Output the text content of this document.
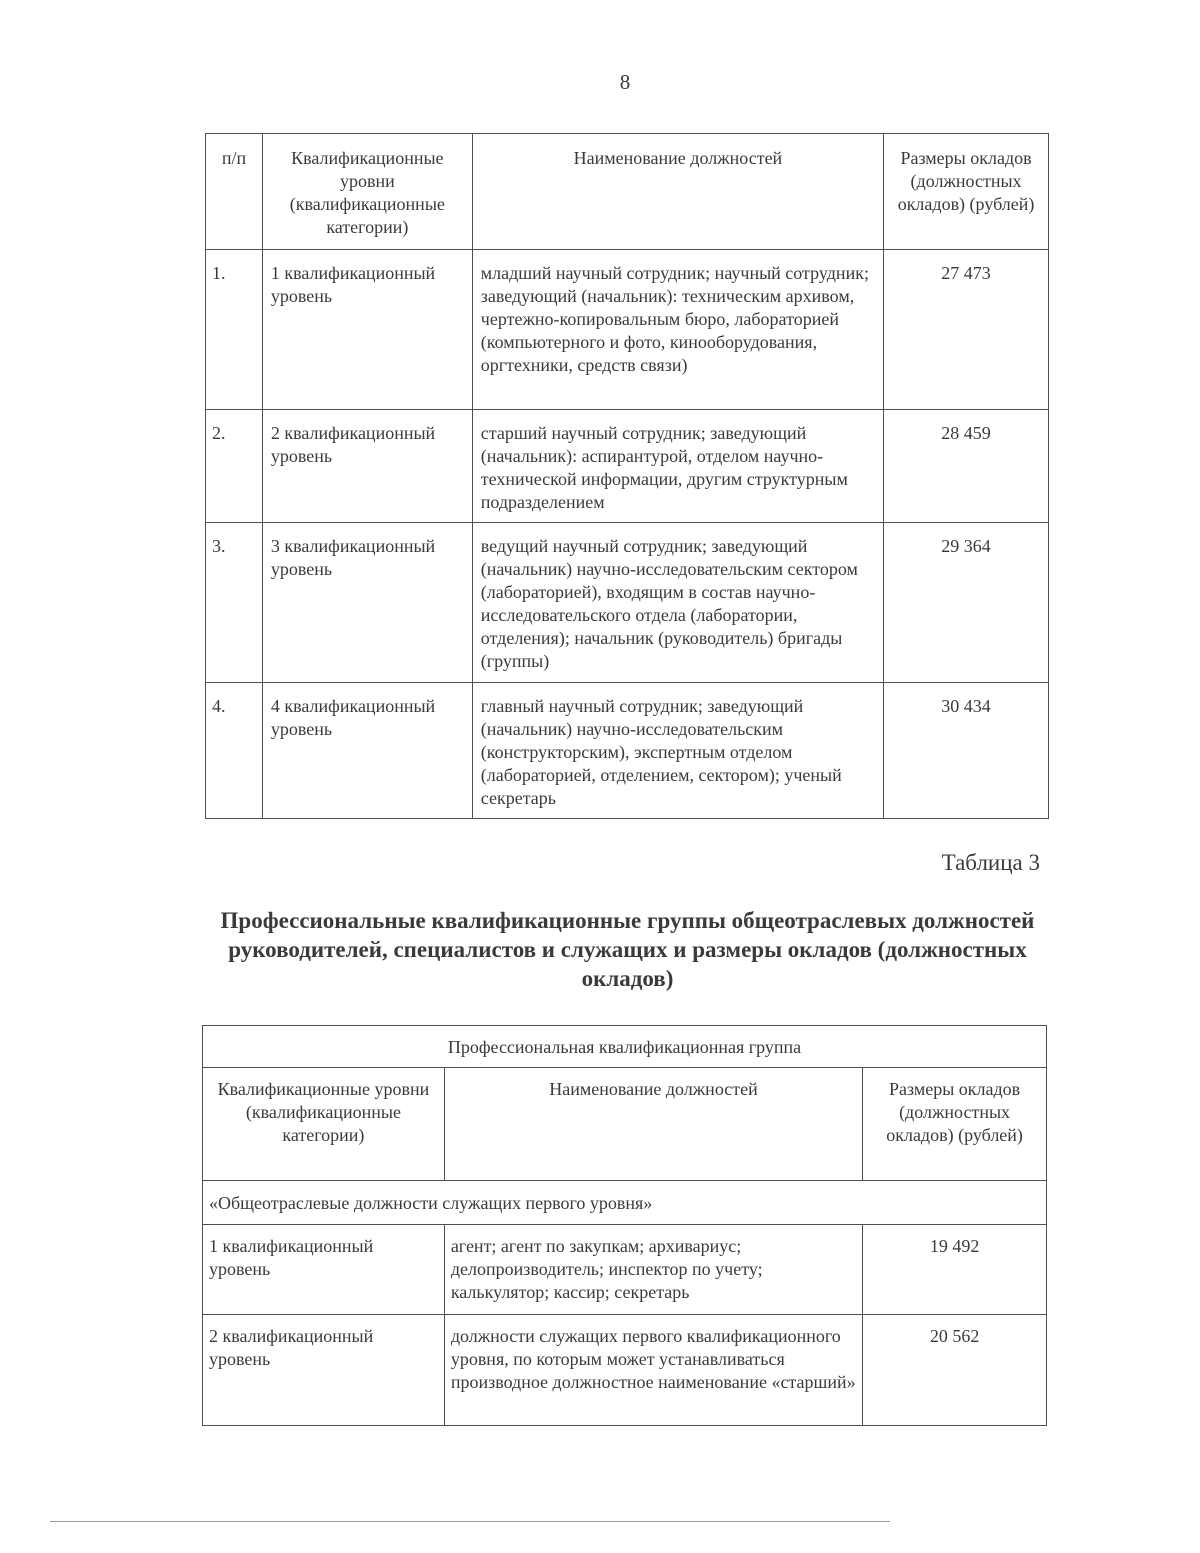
8
п/п	Квалификационные уровни (квалификационные категории)	Наименование должностей	Размеры окладов (должностных окладов) (рублей)
1.	1 квалификационный уровень	младший научный сотрудник; научный сотрудник; заведующий (начальник): техническим архивом, чертежно-копировальным бюро, лабораторией (компьютерного и фото, кинооборудования, оргтехники, средств связи)	27 473
2.	2 квалификационный уровень	старший научный сотрудник; заведующий (начальник): аспирантурой, отделом научно-технической информации, другим структурным подразделением	28 459
3.	3 квалификационный уровень	ведущий научный сотрудник; заведующий (начальник) научно-исследовательским сектором (лабораторией), входящим в состав научно-исследовательского отдела (лаборатории, отделения); начальник (руководитель) бригады (группы)	29 364
4.	4 квалификационный уровень	главный научный сотрудник; заведующий (начальник) научно-исследовательским (конструкторским), экспертным отделом (лабораторией, отделением, сектором); ученый секретарь	30 434
Таблица 3
Профессиональные квалификационные группы общеотраслевых должностей руководителей, специалистов и служащих и размеры окладов (должностных окладов)
Профессиональная квалификационная группа		
Квалификационные уровни (квалификационные категории)	Наименование должностей	Размеры окладов (должностных окладов) (рублей)
«Общеотраслевые должности служащих первого уровня»		
1 квалификационный уровень	агент; агент по закупкам; архивариус; делопроизводитель; инспектор по учету; калькулятор; кассир; секретарь	19 492
2 квалификационный уровень	должности служащих первого квалификационного уровня, по которым может устанавливаться производное должностное наименование «старший»	20 562
